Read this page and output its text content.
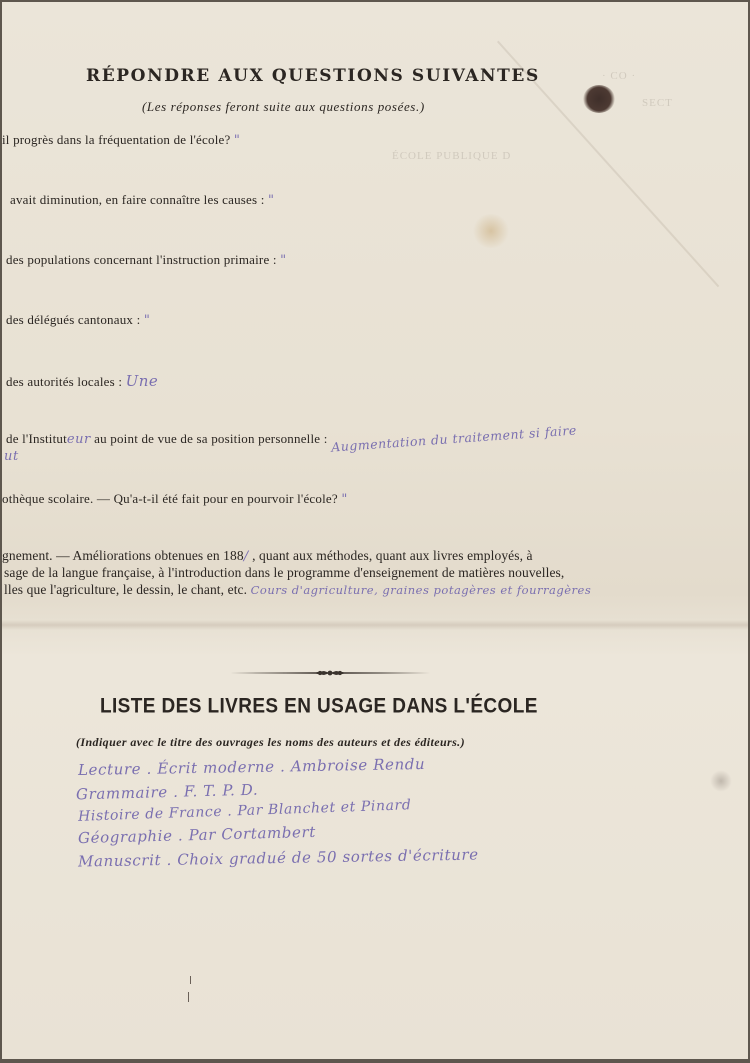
· CO ·
SECT
ÉCOLE PUBLIQUE D
RÉPONDRE AUX QUESTIONS SUIVANTES
(Les réponses feront suite aux questions posées.)
il progrès dans la fréquentation de l'école? "
avait diminution, en faire connaître les causes : "
des populations concernant l'instruction primaire : "
des délégués cantonaux : "
des autorités locales : Une
de l'Instituteur au point de vue de sa position personnelle : Augmentation du traitement si faire
ut
othèque scolaire. — Qu'a-t-il été fait pour en pourvoir l'école? "
gnement. — Améliorations obtenues en 188/ , quant aux méthodes, quant aux livres employés, à
sage de la langue française, à l'introduction dans le programme d'enseignement de matières nouvelles,
lles que l'agriculture, le dessin, le chant, etc. Cours d'agriculture, graines potagères et fourragères
LISTE DES LIVRES EN USAGE DANS L'ÉCOLE
(Indiquer avec le titre des ouvrages les noms des auteurs et des éditeurs.)
Lecture . Écrit moderne . Ambroise Rendu
Grammaire . F. T. P. D.
Histoire de France . Par Blanchet et Pinard
Géographie . Par Cortambert
Manuscrit . Choix gradué de 50 sortes d'écriture
